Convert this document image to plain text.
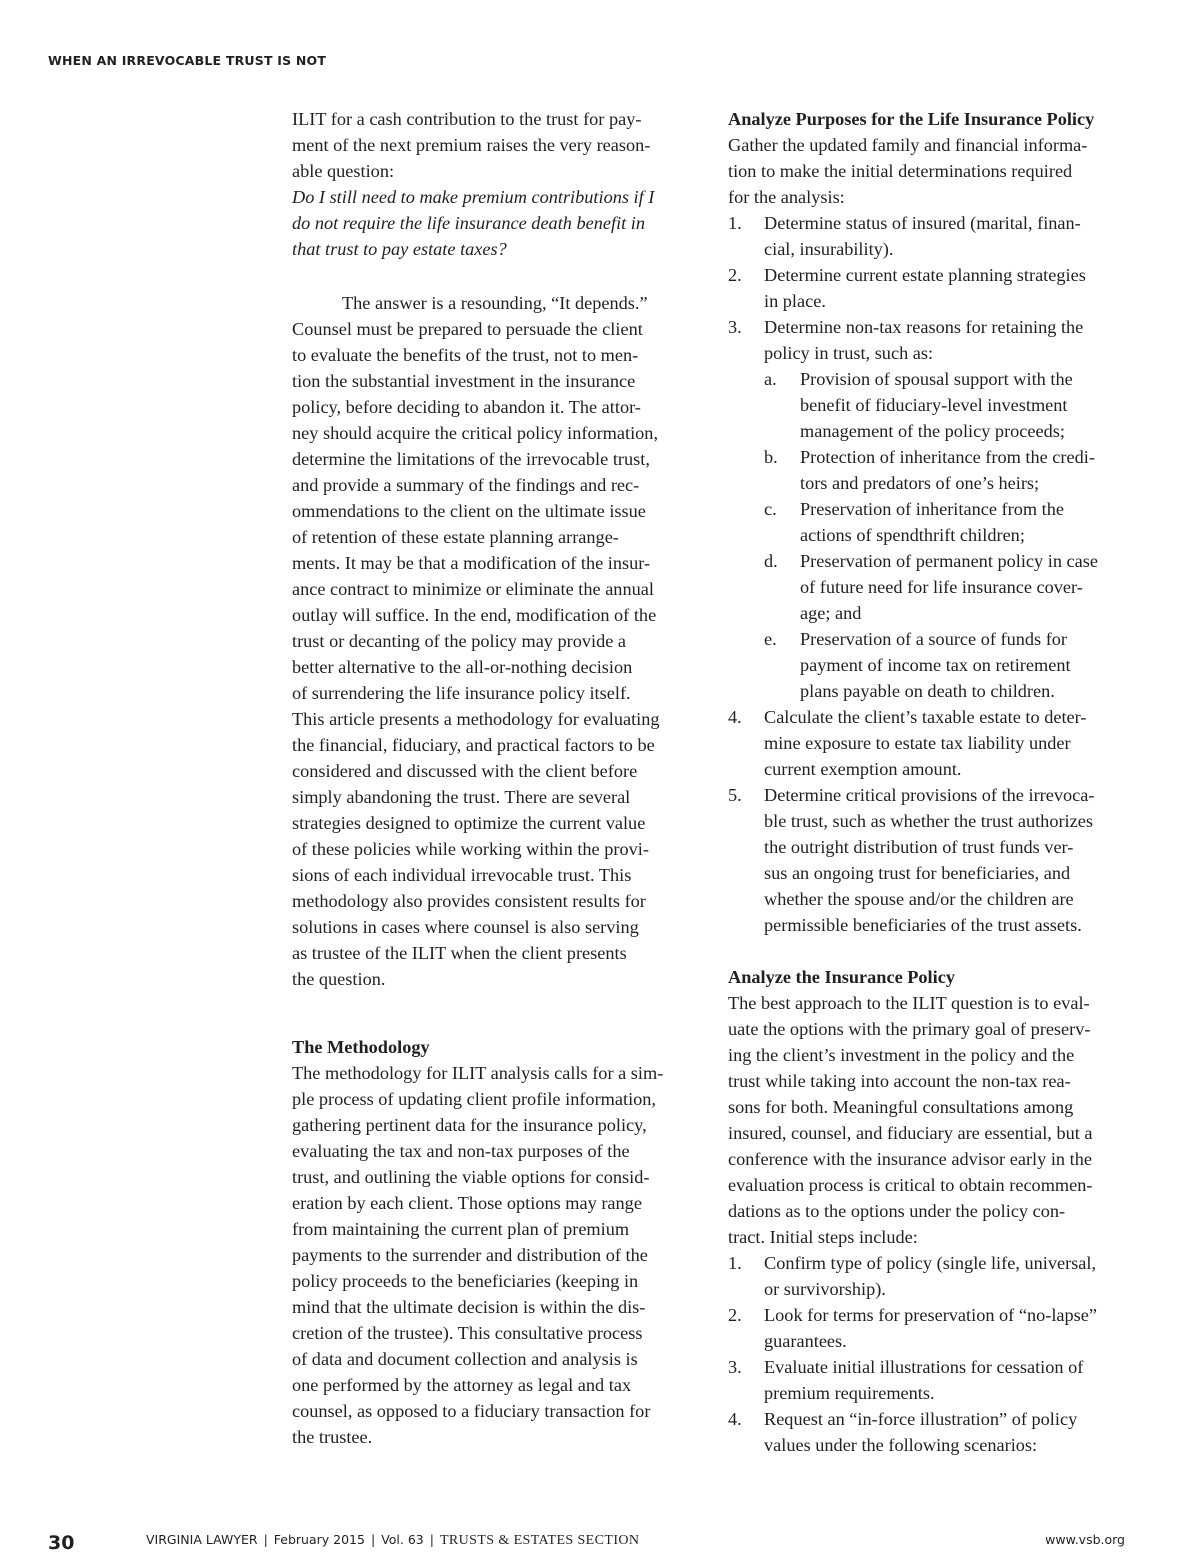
WHEN AN IRREVOCABLE TRUST IS NOT
ILIT for a cash contribution to the trust for pay-
ment of the next premium raises the very reason-
able question:
Do I still need to make premium contributions if I
do not require the life insurance death benefit in
that trust to pay estate taxes?
The answer is a resounding, “It depends.”
Counsel must be prepared to persuade the client
to evaluate the benefits of the trust, not to men-
tion the substantial investment in the insurance
policy, before deciding to abandon it. The attor-
ney should acquire the critical policy information,
determine the limitations of the irrevocable trust,
and provide a summary of the findings and rec-
ommendations to the client on the ultimate issue
of retention of these estate planning arrange-
ments. It may be that a modification of the insur-
ance contract to minimize or eliminate the annual
outlay will suffice. In the end, modification of the
trust or decanting of the policy may provide a
better alternative to the all-or-nothing decision
of surrendering the life insurance policy itself.
This article presents a methodology for evaluating
the financial, fiduciary, and practical factors to be
considered and discussed with the client before
simply abandoning the trust. There are several
strategies designed to optimize the current value
of these policies while working within the provi-
sions of each individual irrevocable trust. This
methodology also provides consistent results for
solutions in cases where counsel is also serving
as trustee of the ILIT when the client presents
the question.
The Methodology
The methodology for ILIT analysis calls for a sim-
ple process of updating client profile information,
gathering pertinent data for the insurance policy,
evaluating the tax and non-tax purposes of the
trust, and outlining the viable options for consid-
eration by each client. Those options may range
from maintaining the current plan of premium
payments to the surrender and distribution of the
policy proceeds to the beneficiaries (keeping in
mind that the ultimate decision is within the dis-
cretion of the trustee). This consultative process
of data and document collection and analysis is
one performed by the attorney as legal and tax
counsel, as opposed to a fiduciary transaction for
the trustee.
Analyze Purposes for the Life Insurance Policy
Gather the updated family and financial informa-
tion to make the initial determinations required
for the analysis:
1. Determine status of insured (marital, finan-
cial, insurability).
2. Determine current estate planning strategies
in place.
3. Determine non-tax reasons for retaining the
policy in trust, such as:
a. Provision of spousal support with the
benefit of fiduciary-level investment
management of the policy proceeds;
b. Protection of inheritance from the credi-
tors and predators of one’s heirs;
c. Preservation of inheritance from the
actions of spendthrift children;
d. Preservation of permanent policy in case
of future need for life insurance cover-
age; and
e. Preservation of a source of funds for
payment of income tax on retirement
plans payable on death to children.
4. Calculate the client’s taxable estate to deter-
mine exposure to estate tax liability under
current exemption amount.
5. Determine critical provisions of the irrevoca-
ble trust, such as whether the trust authorizes
the outright distribution of trust funds ver-
sus an ongoing trust for beneficiaries, and
whether the spouse and/or the children are
permissible beneficiaries of the trust assets.
Analyze the Insurance Policy
The best approach to the ILIT question is to eval-
uate the options with the primary goal of preserv-
ing the client’s investment in the policy and the
trust while taking into account the non-tax rea-
sons for both. Meaningful consultations among
insured, counsel, and fiduciary are essential, but a
conference with the insurance advisor early in the
evaluation process is critical to obtain recommen-
dations as to the options under the policy con-
tract. Initial steps include:
1. Confirm type of policy (single life, universal,
or survivorship).
2. Look for terms for preservation of “no-lapse”
guarantees.
3. Evaluate initial illustrations for cessation of
premium requirements.
4. Request an “in-force illustration” of policy
values under the following scenarios:
30	VIRGINIA LAWYER | February 2015 | Vol. 63 | TRUSTS & ESTATES SECTION	www.vsb.org
